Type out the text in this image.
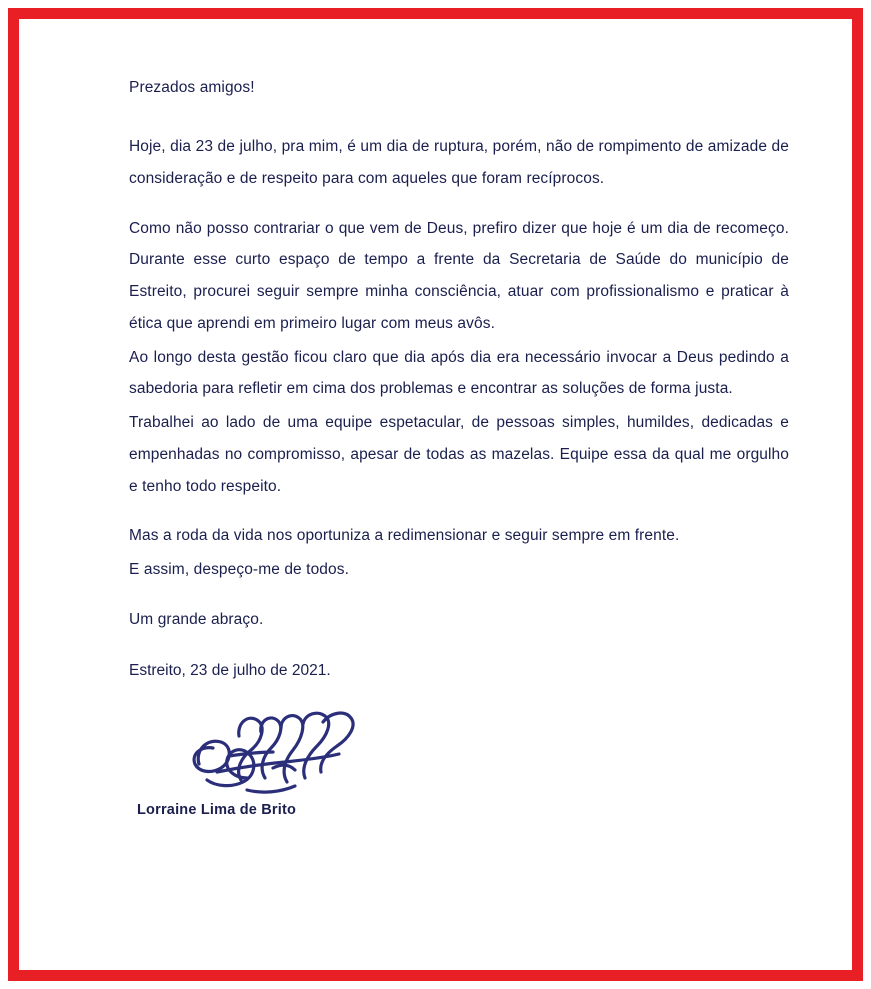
Prezados amigos!

Hoje, dia 23 de julho, pra mim, é um dia de ruptura, porém, não de rompimento de amizade de consideração e de respeito para com aqueles que foram recíprocos.

Como não posso contrariar o que vem de Deus, prefiro dizer que hoje é um dia de recomeço. Durante esse curto espaço de tempo a frente da Secretaria de Saúde do município de Estreito, procurei seguir sempre minha consciência, atuar com profissionalismo e praticar à ética que aprendi em primeiro lugar com meus avôs.

Ao longo desta gestão ficou claro que dia após dia era necessário invocar a Deus pedindo a sabedoria para refletir em cima dos problemas e encontrar as soluções de forma justa.

Trabalhei ao lado de uma equipe espetacular, de pessoas simples, humildes, dedicadas e empenhadas no compromisso, apesar de todas as mazelas. Equipe essa da qual me orgulho e tenho todo respeito.

Mas a roda da vida nos oportuniza a redimensionar e seguir sempre em frente.

E assim, despeço-me de todos.

Um grande abraço.

Estreito, 23 de julho de 2021.

Lorraine Lima de Brito
